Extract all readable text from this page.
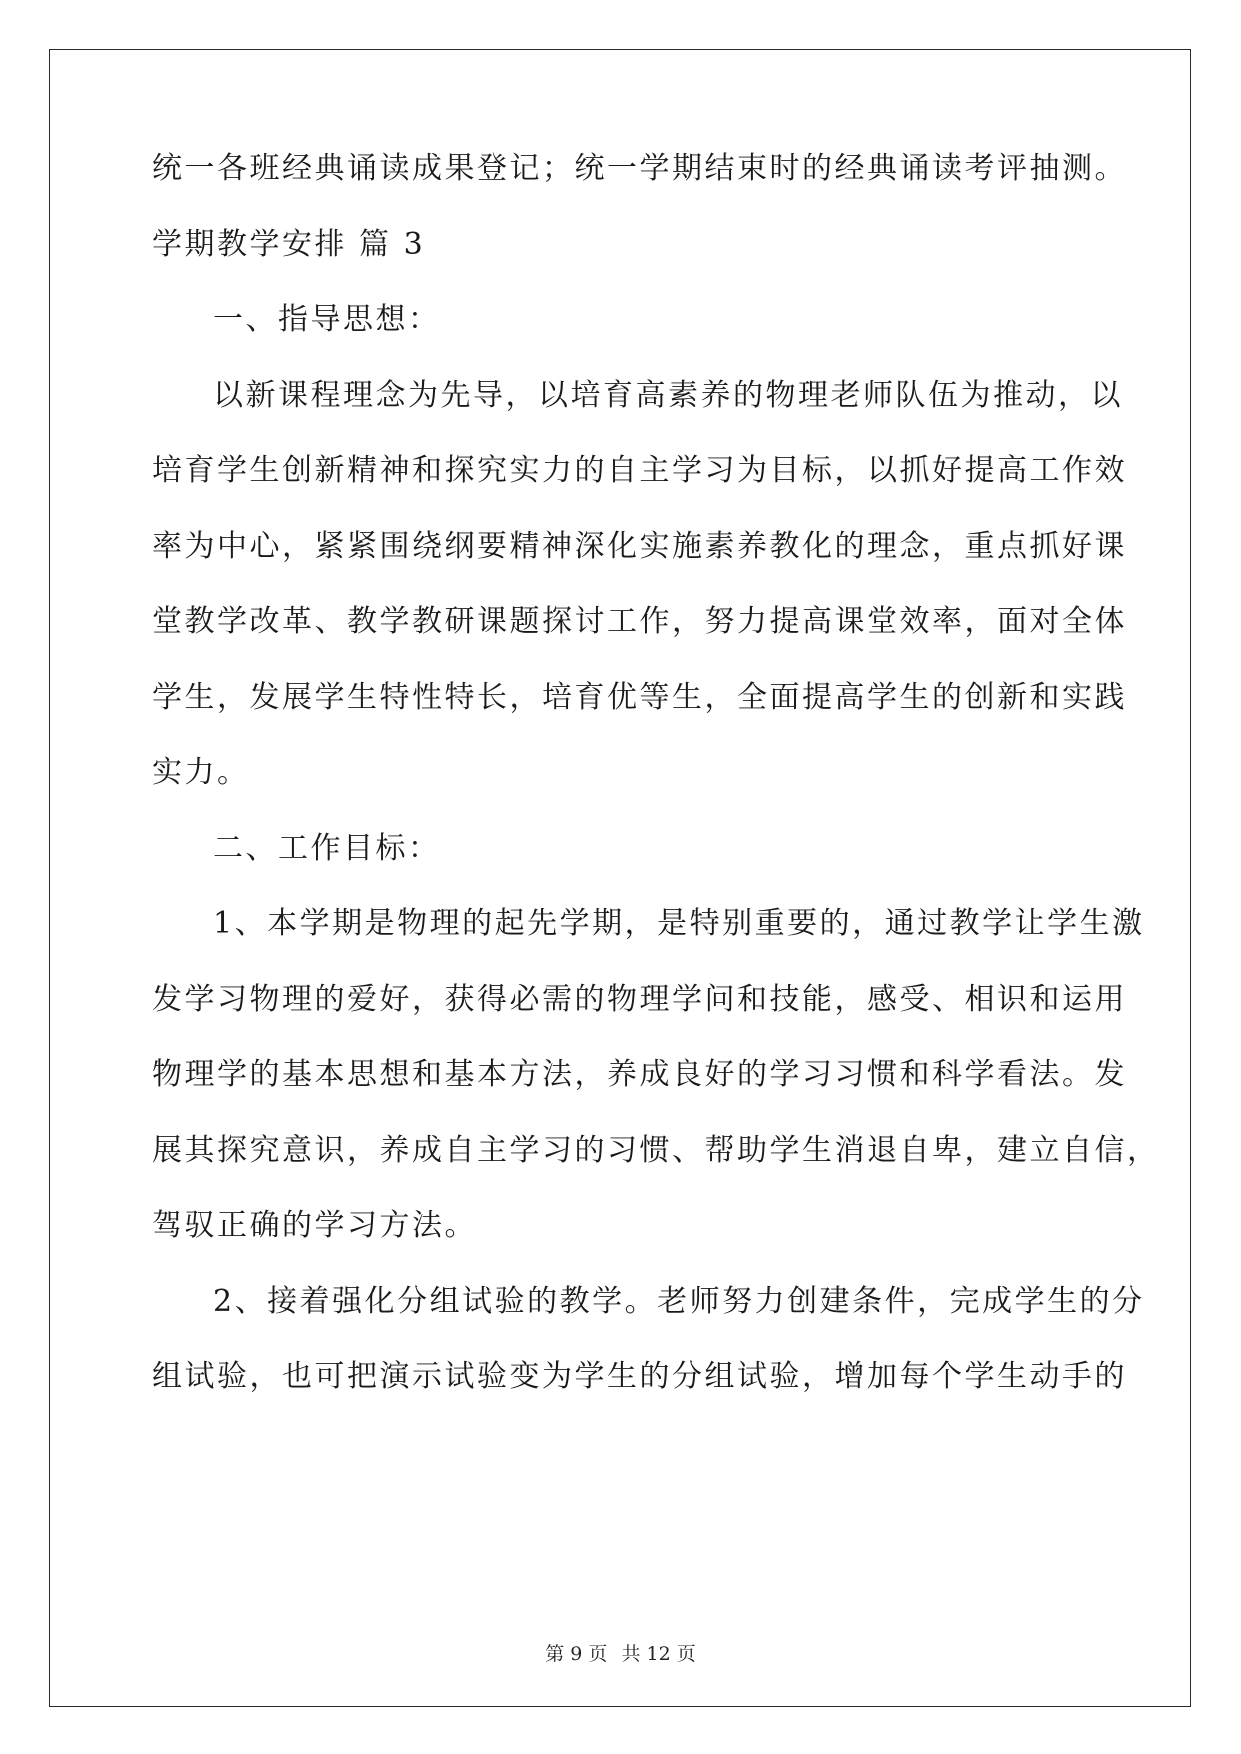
统一各班经典诵读成果登记；统一学期结束时的经典诵读考评抽测。
学期教学安排 篇 3
一、指导思想：
以新课程理念为先导，以培育高素养的物理老师队伍为推动，以
培育学生创新精神和探究实力的自主学习为目标，以抓好提高工作效
率为中心，紧紧围绕纲要精神深化实施素养教化的理念，重点抓好课
堂教学改革、教学教研课题探讨工作，努力提高课堂效率，面对全体
学生，发展学生特性特长，培育优等生，全面提高学生的创新和实践
实力。
二、工作目标：
1、本学期是物理的起先学期，是特别重要的，通过教学让学生激
发学习物理的爱好，获得必需的物理学问和技能，感受、相识和运用
物理学的基本思想和基本方法，养成良好的学习习惯和科学看法。发
展其探究意识，养成自主学习的习惯、帮助学生消退自卑，建立自信，
驾驭正确的学习方法。
2、接着强化分组试验的教学。老师努力创建条件，完成学生的分
组试验，也可把演示试验变为学生的分组试验，增加每个学生动手的
第 9 页 共 12 页
